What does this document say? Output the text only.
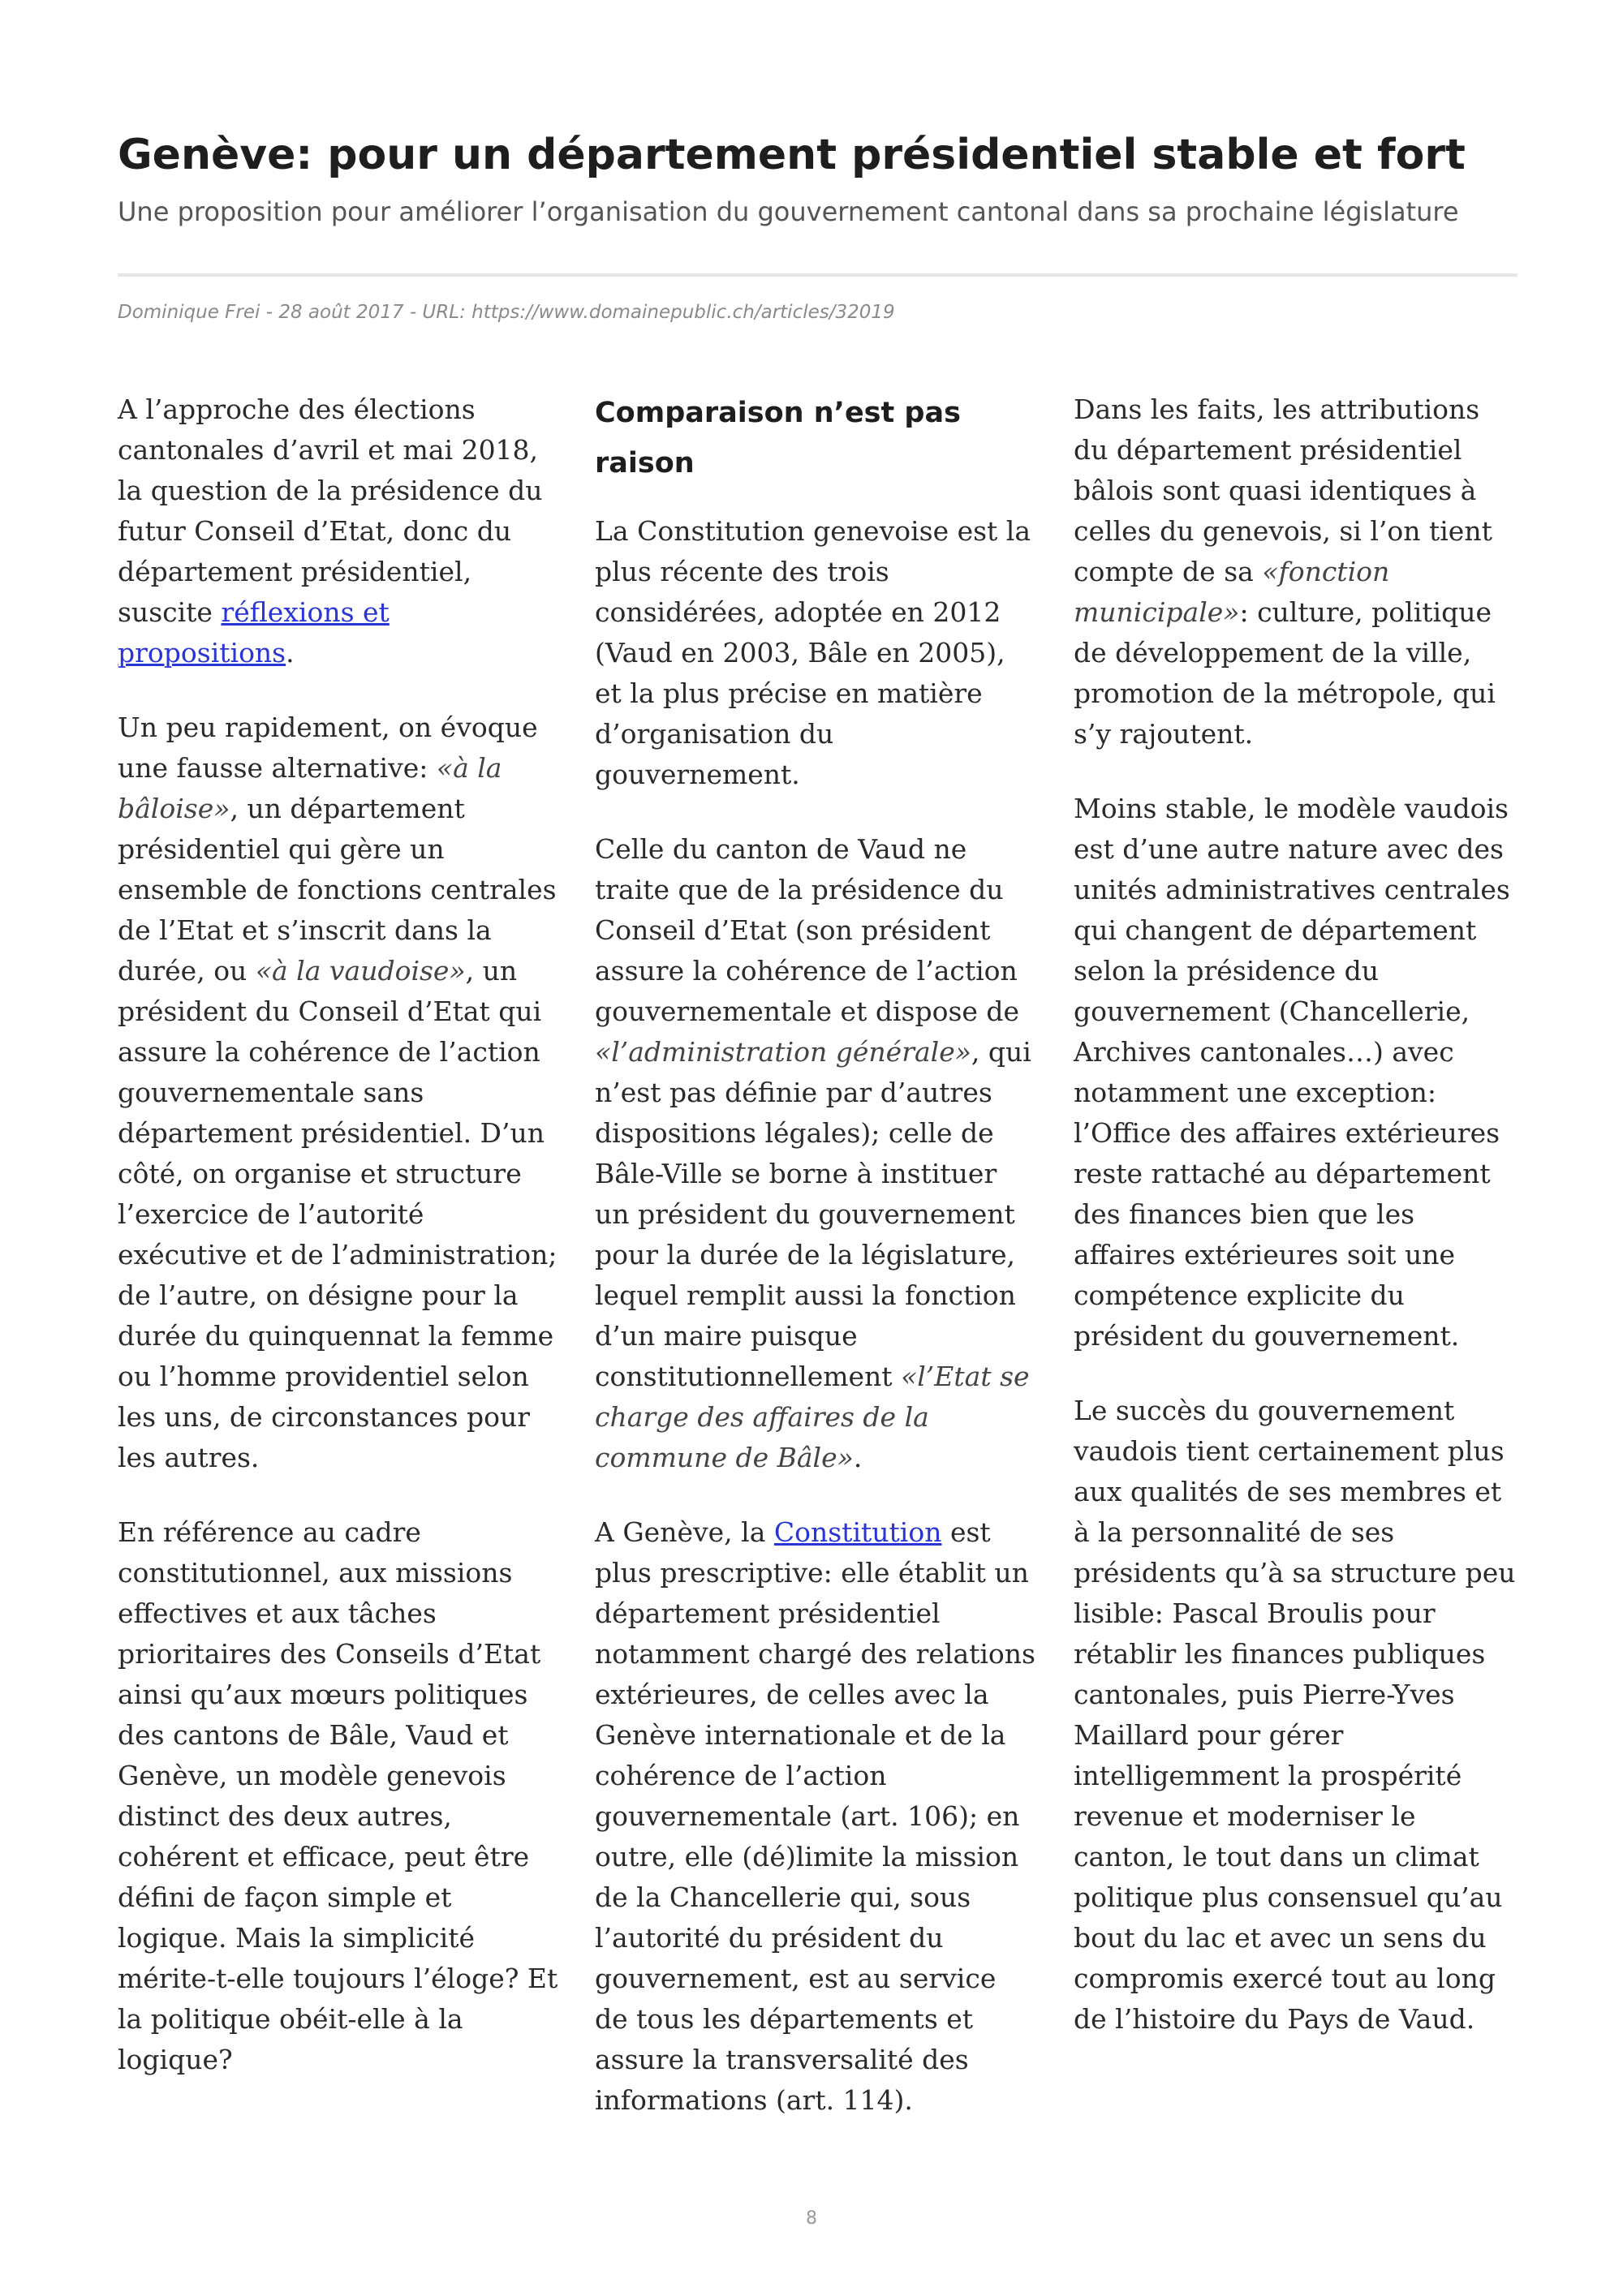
Genève: pour un département présidentiel stable et fort
Une proposition pour améliorer l’organisation du gouvernement cantonal dans sa prochaine législature
Dominique Frei - 28 août 2017 - URL: https://www.domainepublic.ch/articles/32019

A l’approche des élections cantonales d’avril et mai 2018, la question de la présidence du futur Conseil d’Etat, donc du département présidentiel, suscite réflexions et propositions.

Un peu rapidement, on évoque une fausse alternative: «à la bâloise», un département présidentiel qui gère un ensemble de fonctions centrales de l’Etat et s’inscrit dans la durée, ou «à la vaudoise», un président du Conseil d’Etat qui assure la cohérence de l’action gouvernementale sans département présidentiel. D’un côté, on organise et structure l’exercice de l’autorité exécutive et de l’administration; de l’autre, on désigne pour la durée du quinquennat la femme ou l’homme providentiel selon les uns, de circonstances pour les autres.

En référence au cadre constitutionnel, aux missions effectives et aux tâches prioritaires des Conseils d’Etat ainsi qu’aux mœurs politiques des cantons de Bâle, Vaud et Genève, un modèle genevois distinct des deux autres, cohérent et efficace, peut être défini de façon simple et logique. Mais la simplicité mérite-t-elle toujours l’éloge? Et la politique obéit-elle à la logique?

Comparaison n’est pas raison

La Constitution genevoise est la plus récente des trois considérées, adoptée en 2012 (Vaud en 2003, Bâle en 2005), et la plus précise en matière d’organisation du gouvernement.

Celle du canton de Vaud ne traite que de la présidence du Conseil d’Etat (son président assure la cohérence de l’action gouvernementale et dispose de «l’administration générale», qui n’est pas définie par d’autres dispositions légales); celle de Bâle-Ville se borne à instituer un président du gouvernement pour la durée de la législature, lequel remplit aussi la fonction d’un maire puisque constitutionnellement «l’Etat se charge des affaires de la commune de Bâle».

A Genève, la Constitution est plus prescriptive: elle établit un département présidentiel notamment chargé des relations extérieures, de celles avec la Genève internationale et de la cohérence de l’action gouvernementale (art. 106); en outre, elle (dé)limite la mission de la Chancellerie qui, sous l’autorité du président du gouvernement, est au service de tous les départements et assure la transversalité des informations (art. 114).

Dans les faits, les attributions du département présidentiel bâlois sont quasi identiques à celles du genevois, si l’on tient compte de sa «fonction municipale»: culture, politique de développement de la ville, promotion de la métropole, qui s’y rajoutent.

Moins stable, le modèle vaudois est d’une autre nature avec des unités administratives centrales qui changent de département selon la présidence du gouvernement (Chancellerie, Archives cantonales…) avec notamment une exception: l’Office des affaires extérieures reste rattaché au département des finances bien que les affaires extérieures soit une compétence explicite du président du gouvernement.

Le succès du gouvernement vaudois tient certainement plus aux qualités de ses membres et à la personnalité de ses présidents qu’à sa structure peu lisible: Pascal Broulis pour rétablir les finances publiques cantonales, puis Pierre-Yves Maillard pour gérer intelligemment la prospérité revenue et moderniser le canton, le tout dans un climat politique plus consensuel qu’au bout du lac et avec un sens du compromis exercé tout au long de l’histoire du Pays de Vaud.

8
